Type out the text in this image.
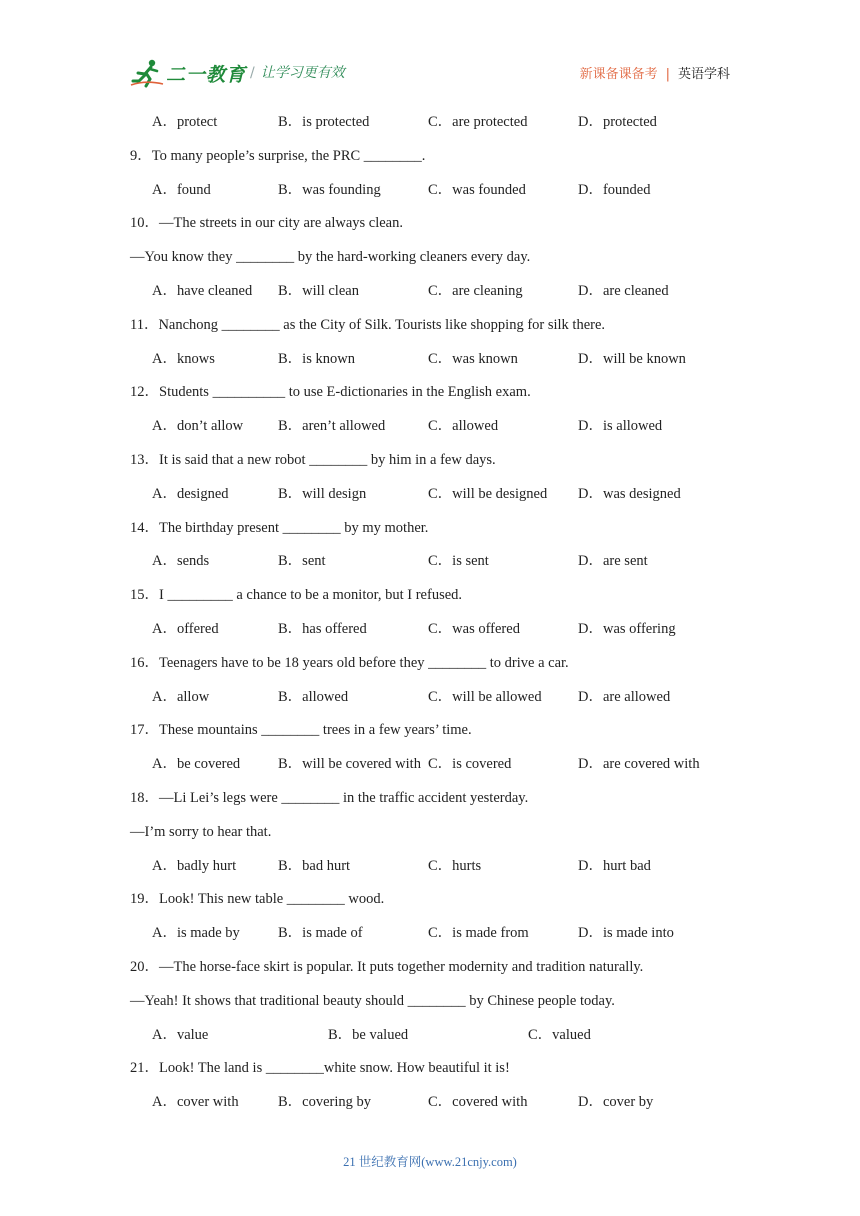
二一教育 / 让学习更有效	新课备课备考 | 英语学科
A．protect	B．is protected	C．are protected	D．protected
9．To many people’s surprise, the PRC ________.
A．found	B．was founding	C．was founded	D．founded
10．—The streets in our city are always clean.
—You know they ________ by the hard-working cleaners every day.
A．have cleaned B．will clean	C．are cleaning	D．are cleaned
11．Nanchong ________ as the City of Silk. Tourists like shopping for silk there.
A．knows	B．is known	C．was known	D．will be known
12．Students __________ to use E-dictionaries in the English exam.
A．don’t allow B．aren’t allowed	C．allowed	D．is allowed
13．It is said that a new robot ________ by him in a few days.
A．designed	B．will design	C．will be designed D．was designed
14．The birthday present ________ by my mother.
A．sends	B．sent	C．is sent	D．are sent
15．I _________ a chance to be a monitor, but I refused.
A．offered	B．has offered	C．was offered	D．was offering
16．Teenagers have to be 18 years old before they ________ to drive a car.
A．allow	B．allowed	C．will be allowed	D．are allowed
17．These mountains ________ trees in a few years’ time.
A．be covered	B．will be covered with C．is covered	D．are covered with
18．—Li Lei’s legs were ________ in the traffic accident yesterday.
—I’m sorry to hear that.
A．badly hurt	B．bad hurt	C．hurts	D．hurt bad
19．Look! This new table ________ wood.
A．is made by	B．is made of	C．is made from	D．is made into
20．—The horse-face skirt is popular. It puts together modernity and tradition naturally.
—Yeah! It shows that traditional beauty should ________ by Chinese people today.
A．value	B．be valued	C．valued
21．Look! The land is ________white snow. How beautiful it is!
A．cover with	B．covering by	C．covered with	D．cover by
21 世纪教育网(www.21cnjy.com)
